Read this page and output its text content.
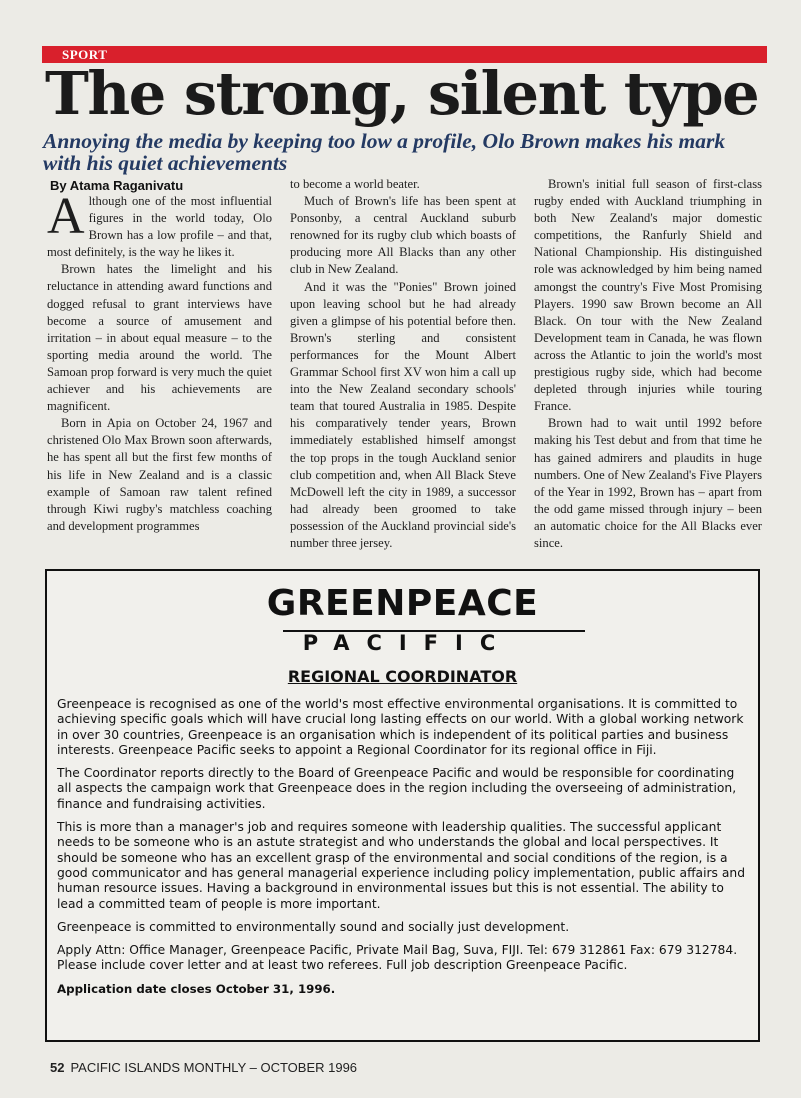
SPORT
The strong, silent type
Annoying the media by keeping too low a profile, Olo Brown makes his mark with his quiet achievements
By Atama Raganivatu

Although one of the most influential figures in the world today, Olo Brown has a low profile – and that, most definitely, is the way he likes it.

Brown hates the limelight and his reluctance in attending award functions and dogged refusal to grant interviews have become a source of amusement and irritation – in about equal measure – to the sporting media around the world. The Samoan prop forward is very much the quiet achiever and his achievements are magnificent.

Born in Apia on October 24, 1967 and christened Olo Max Brown soon afterwards, he has spent all but the first few months of his life in New Zealand and is a classic example of Samoan raw talent refined through Kiwi rugby's matchless coaching and development programmes

to become a world beater.

Much of Brown's life has been spent at Ponsonby, a central Auckland suburb renowned for its rugby club which boasts of producing more All Blacks than any other club in New Zealand.

And it was the "Ponies" Brown joined upon leaving school but he had already given a glimpse of his potential before then. Brown's sterling and consistent performances for the Mount Albert Grammar School first XV won him a call up into the New Zealand secondary schools' team that toured Australia in 1985. Despite his comparatively tender years, Brown immediately established himself amongst the top props in the tough Auckland senior club competition and, when All Black Steve McDowell left the city in 1989, a successor had already been groomed to take possession of the Auckland provincial side's number three jersey.

Brown's initial full season of first-class rugby ended with Auckland triumphing in both New Zealand's major domestic competitions, the Ranfurly Shield and National Championship. His distinguished role was acknowledged by him being named amongst the country's Five Most Promising Players. 1990 saw Brown become an All Black. On tour with the New Zealand Development team in Canada, he was flown across the Atlantic to join the world's most prestigious rugby side, which had become depleted through injuries while touring France.

Brown had to wait until 1992 before making his Test debut and from that time he has gained admirers and plaudits in huge numbers. One of New Zealand's Five Players of the Year in 1992, Brown has – apart from the odd game missed through injury – been an automatic choice for the All Blacks ever since.

GREENPEACE
PACIFIC
REGIONAL COORDINATOR

Greenpeace is recognised as one of the world's most effective environmental organisations. It is committed to achieving specific goals which will have crucial long lasting effects on our world. With a global working network in over 30 countries, Greenpeace is an organisation which is independent of its political parties and business interests. Greenpeace Pacific seeks to appoint a Regional Coordinator for its regional office in Fiji.

The Coordinator reports directly to the Board of Greenpeace Pacific and would be responsible for coordinating all aspects the campaign work that Greenpeace does in the region including the overseeing of administration, finance and fundraising activities.

This is more than a manager's job and requires someone with leadership qualities. The successful applicant needs to be someone who is an astute strategist and who understands the global and local perspectives. It should be someone who has an excellent grasp of the environmental and social conditions of the region, is a good communicator and has general managerial experience including policy implementation, public affairs and human resource issues. Having a background in environmental issues but this is not essential. The ability to lead a committed team of people is more important.

Greenpeace is committed to environmentally sound and socially just development.

Apply Attn: Office Manager, Greenpeace Pacific, Private Mail Bag, Suva, FIJI. Tel: 679 312861 Fax: 679 312784. Please include cover letter and at least two referees. Full job description Greenpeace Pacific.

Application date closes October 31, 1996.

52 PACIFIC ISLANDS MONTHLY – OCTOBER 1996
